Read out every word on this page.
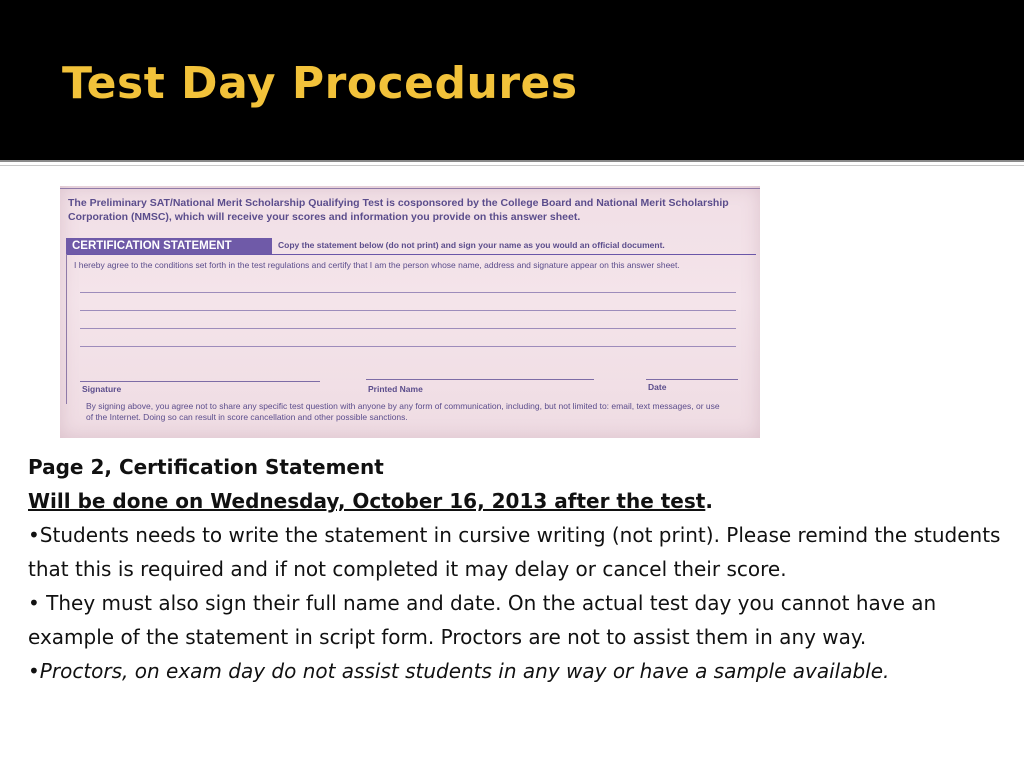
Test Day Procedures
The Preliminary SAT/National Merit Scholarship Qualifying Test is cosponsored by the College Board and National Merit Scholarship Corporation (NMSC), which will receive your scores and information you provide on this answer sheet.
CERTIFICATION STATEMENT	Copy the statement below (do not print) and sign your name as you would an official document.
I hereby agree to the conditions set forth in the test regulations and certify that I am the person whose name, address and signature appear on this answer sheet.
Signature	Printed Name	Date
By signing above, you agree not to share any specific test question with anyone by any form of communication, including, but not limited to: email, text messages, or use of the Internet. Doing so can result in score cancellation and other possible sanctions.

Page 2, Certification Statement

Will be done on Wednesday, October 16, 2013 after the test.

•Students needs to write the statement in cursive writing (not print). Please remind the students that this is required and if not completed it may delay or cancel their score.

• They must also sign their full name and date. On the actual test day you cannot have an example of the statement in script form. Proctors are not to assist them in any way.

•Proctors, on exam day do not assist students in any way or have a sample available.
